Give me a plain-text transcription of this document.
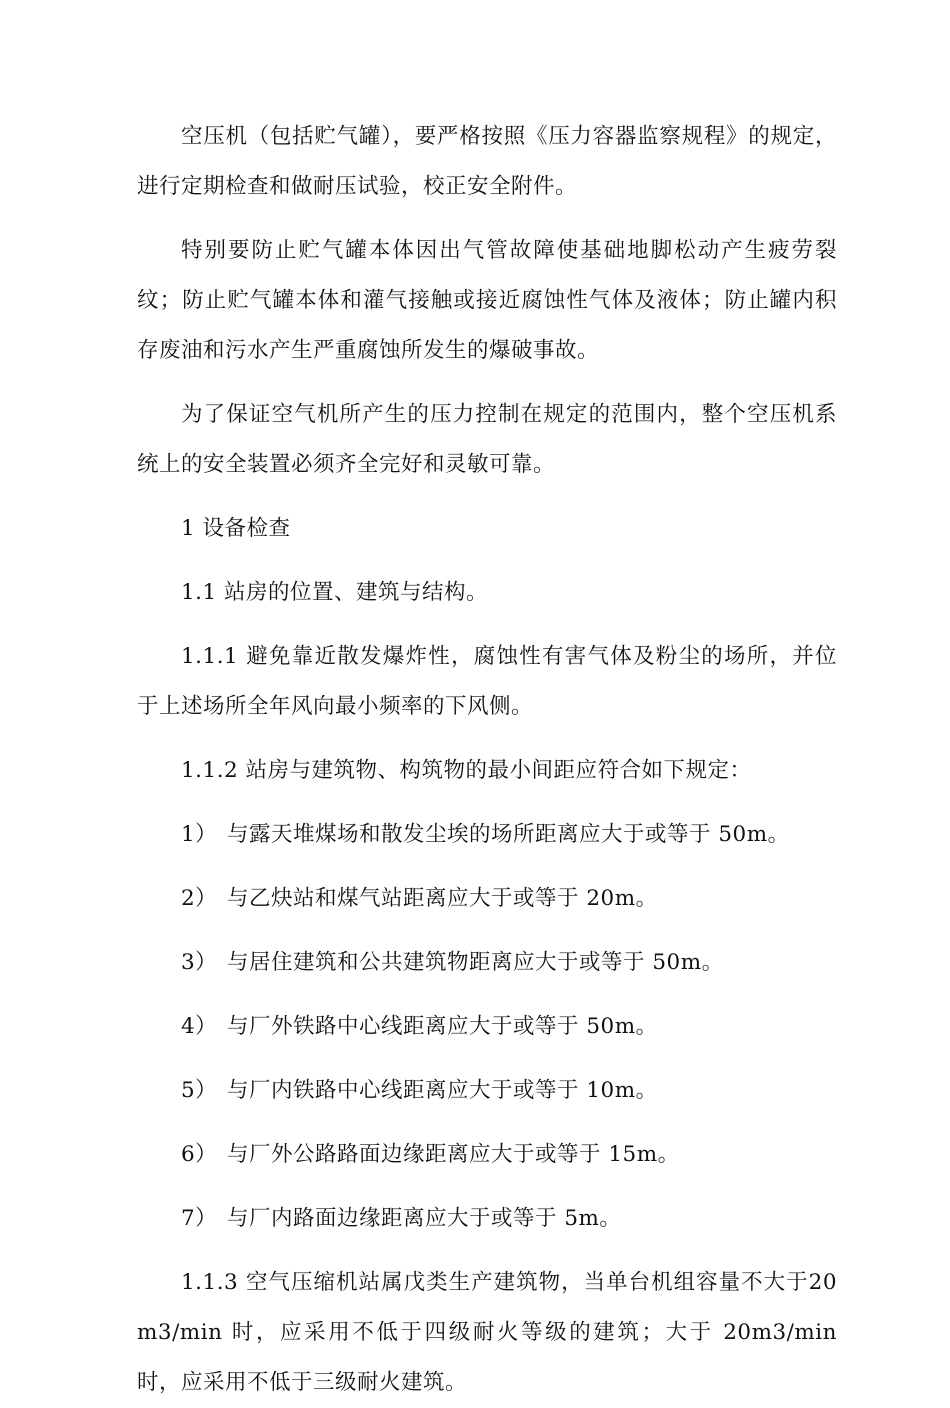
空压机（包括贮气罐），要严格按照《压力容器监察规程》的规定，进行定期检查和做耐压试验，校正安全附件。

特别要防止贮气罐本体因出气管故障使基础地脚松动产生疲劳裂纹；防止贮气罐本体和灌气接触或接近腐蚀性气体及液体；防止罐内积存废油和污水产生严重腐蚀所发生的爆破事故。

为了保证空气机所产生的压力控制在规定的范围内，整个空压机系统上的安全装置必须齐全完好和灵敏可靠。

1 设备检查

1.1 站房的位置、建筑与结构。

1.1.1 避免靠近散发爆炸性，腐蚀性有害气体及粉尘的场所，并位于上述场所全年风向最小频率的下风侧。

1.1.2 站房与建筑物、构筑物的最小间距应符合如下规定：

1） 与露天堆煤场和散发尘埃的场所距离应大于或等于 50m。

2） 与乙炔站和煤气站距离应大于或等于 20m。

3） 与居住建筑和公共建筑物距离应大于或等于 50m。

4） 与厂外铁路中心线距离应大于或等于 50m。

5） 与厂内铁路中心线距离应大于或等于 10m。

6） 与厂外公路路面边缘距离应大于或等于 15m。

7） 与厂内路面边缘距离应大于或等于 5m。

1.1.3 空气压缩机站属戊类生产建筑物，当单台机组容量不大于20m3/min 时，应采用不低于四级耐火等级的建筑；大于 20m3/min 时，应采用不低于三级耐火建筑。
